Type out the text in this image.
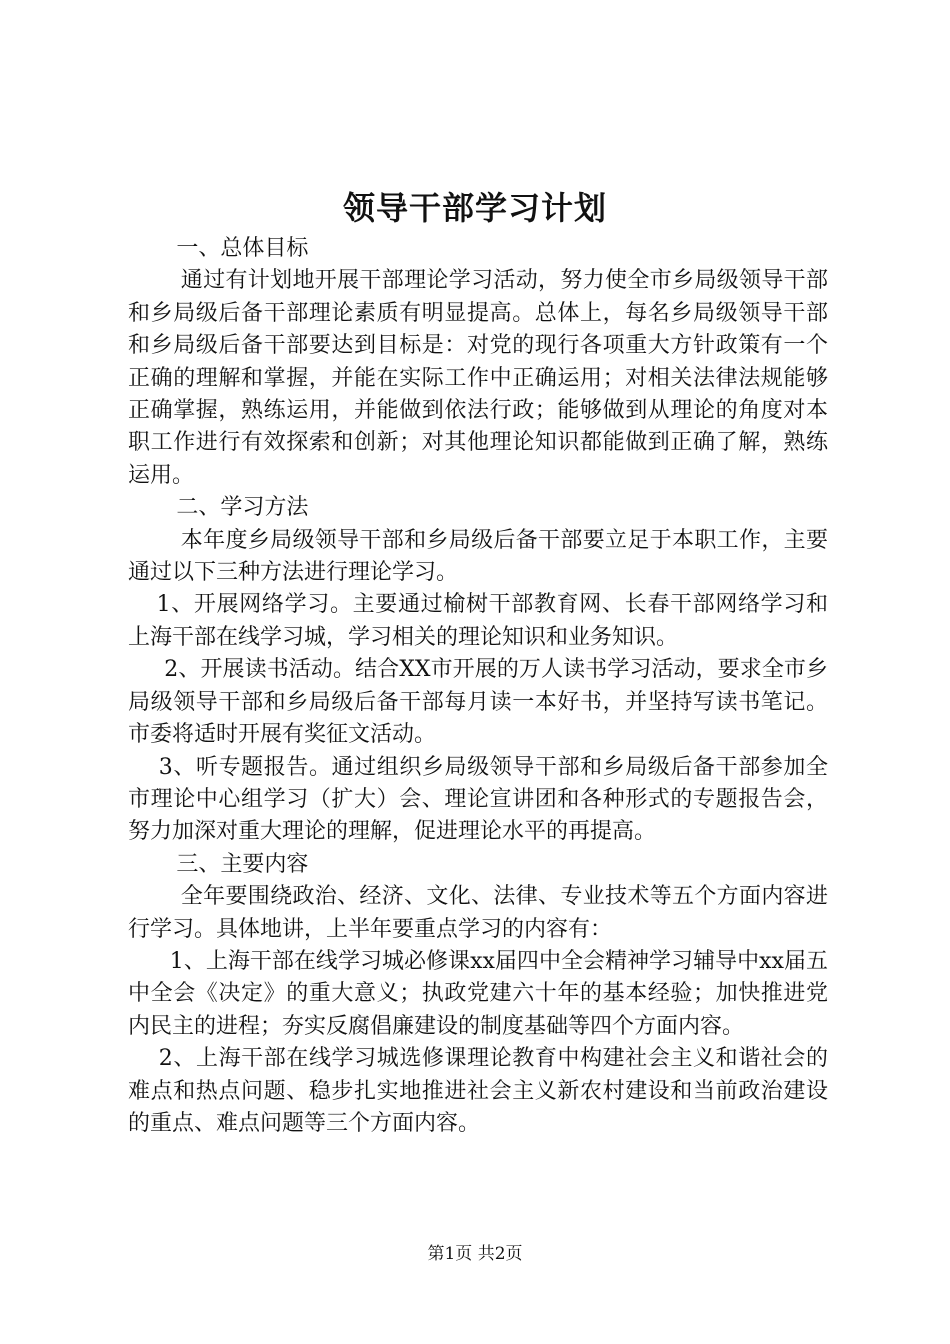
领导干部学习计划

一、总体目标

通过有计划地开展干部理论学习活动，努力使全市乡局级领导干部和乡局级后备干部理论素质有明显提高。总体上，每名乡局级领导干部和乡局级后备干部要达到目标是：对党的现行各项重大方针政策有一个正确的理解和掌握，并能在实际工作中正确运用；对相关法律法规能够正确掌握，熟练运用，并能做到依法行政；能够做到从理论的角度对本职工作进行有效探索和创新；对其他理论知识都能做到正确了解，熟练运用。

二、学习方法

本年度乡局级领导干部和乡局级后备干部要立足于本职工作，主要通过以下三种方法进行理论学习。

1、开展网络学习。主要通过榆树干部教育网、长春干部网络学习和上海干部在线学习城，学习相关的理论知识和业务知识。

2、开展读书活动。结合XX市开展的万人读书学习活动，要求全市乡局级领导干部和乡局级后备干部每月读一本好书，并坚持写读书笔记。市委将适时开展有奖征文活动。

3、听专题报告。通过组织乡局级领导干部和乡局级后备干部参加全市理论中心组学习（扩大）会、理论宣讲团和各种形式的专题报告会，努力加深对重大理论的理解，促进理论水平的再提高。

三、主要内容

全年要围绕政治、经济、文化、法律、专业技术等五个方面内容进行学习。具体地讲，上半年要重点学习的内容有：

1、上海干部在线学习城必修课xx届四中全会精神学习辅导中xx届五中全会《决定》的重大意义；执政党建六十年的基本经验；加快推进党内民主的进程；夯实反腐倡廉建设的制度基础等四个方面内容。

2、上海干部在线学习城选修课理论教育中构建社会主义和谐社会的难点和热点问题、稳步扎实地推进社会主义新农村建设和当前政治建设的重点、难点问题等三个方面内容。

第1页 共2页
